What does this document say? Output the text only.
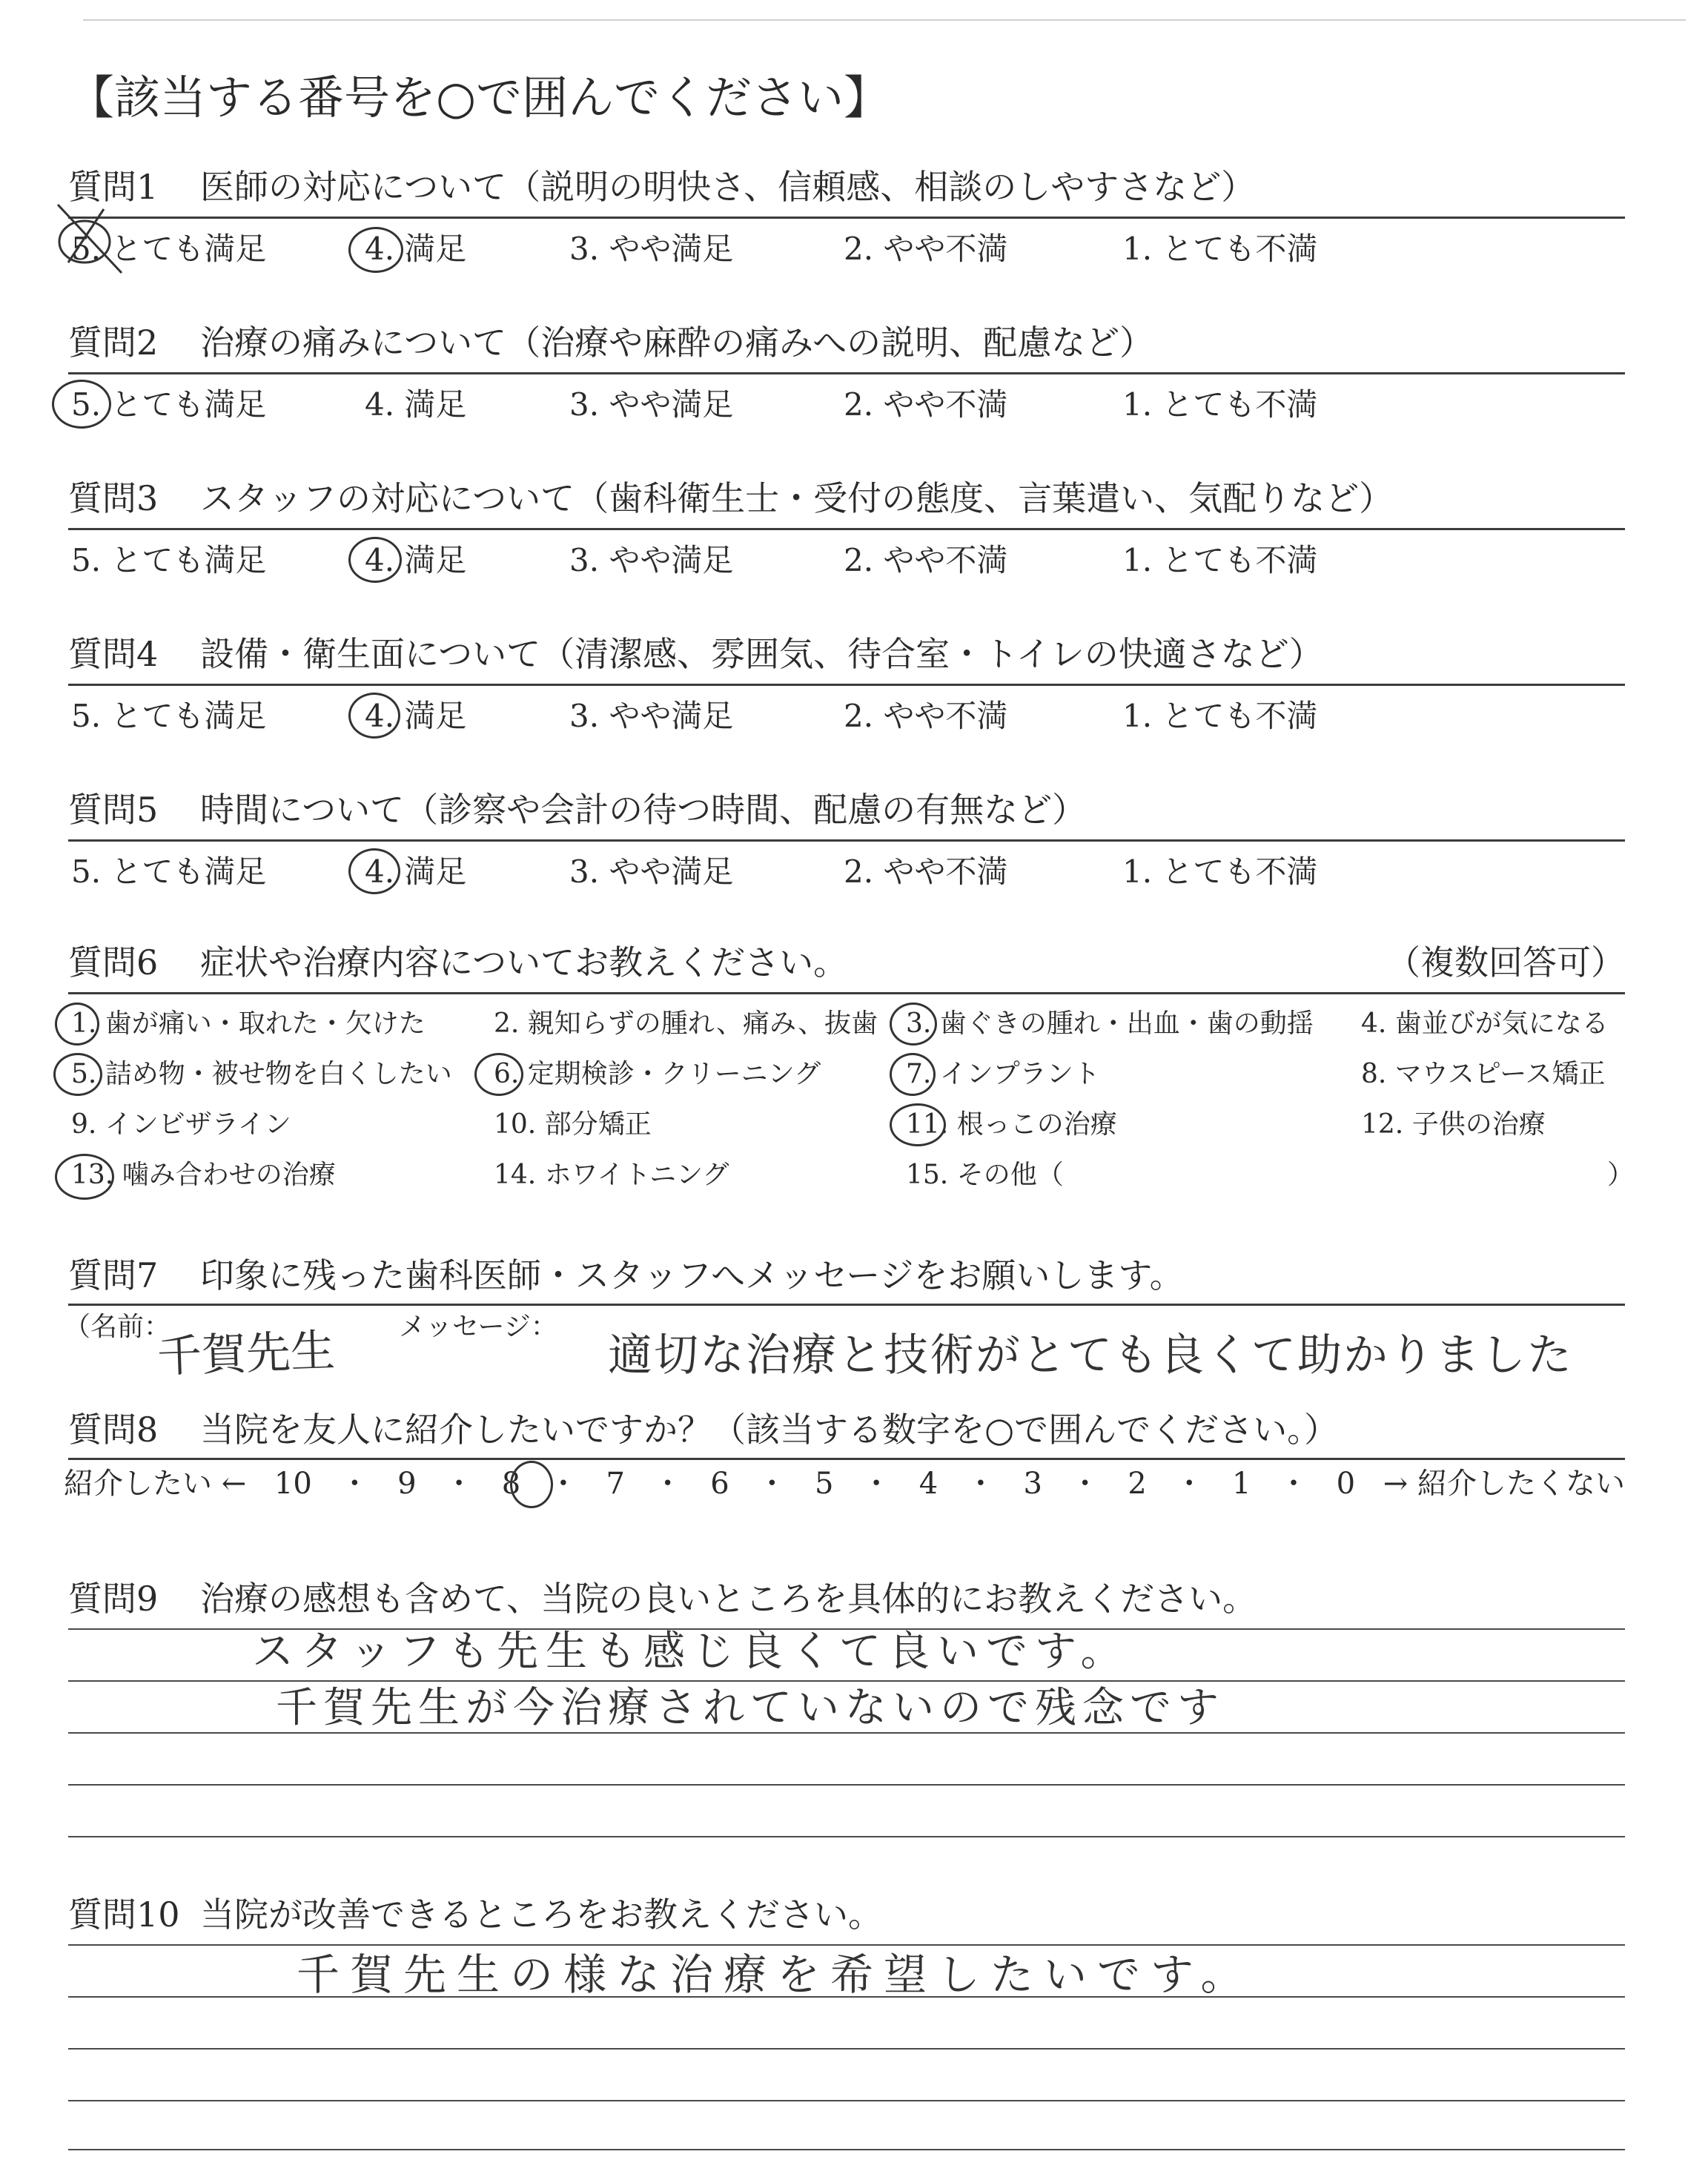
【該当する番号を○で囲んでください】
質問1 医師の対応について（説明の明快さ、信頼感、相談のしやすさなど）
5. とても満足	4. 満足	3. やや満足	2. やや不満	1. とても不満
質問2 治療の痛みについて（治療や麻酔の痛みへの説明、配慮など）
5. とても満足	4. 満足	3. やや満足	2. やや不満	1. とても不満
質問3 スタッフの対応について（歯科衛生士・受付の態度、言葉遣い、気配りなど）
5. とても満足	4. 満足	3. やや満足	2. やや不満	1. とても不満
質問4 設備・衛生面について（清潔感、雰囲気、待合室・トイレの快適さなど）
5. とても満足	4. 満足	3. やや満足	2. やや不満	1. とても不満
質問5 時間について（診察や会計の待つ時間、配慮の有無など）
5. とても満足	4. 満足	3. やや満足	2. やや不満	1. とても不満
質問6 症状や治療内容についてお教えください。	（複数回答可）
1. 歯が痛い・取れた・欠けた	2. 親知らずの腫れ、痛み、抜歯 3. 歯ぐきの腫れ・出血・歯の動揺 4. 歯並びが気になる
5. 詰め物・被せ物を白くしたい 6. 定期検診・クリーニング	7. インプラント	8. マウスピース矯正
9. インビザライン	10. 部分矯正	11. 根っこの治療	12. 子供の治療
13. 噛み合わせの治療	14. ホワイトニング	15. その他（	）
質問7 印象に残った歯科医師・スタッフへメッセージをお願いします。
（名前：	メッセージ：
千賀先生	適切な治療と技術がとても良くて助かりました
質問8 当院を友人に紹介したいですか？（該当する数字を○で囲んでください。）
紹介したい ← 10 ・ 9 ・ 8 ・ 7 ・ 6 ・ 5 ・ 4 ・ 3 ・ 2 ・ 1 ・ 0 → 紹介したくない
質問9 治療の感想も含めて、当院の良いところを具体的にお教えください。
スタッフも先生も感じ良くて良いです。
千賀先生が今治療されていないので残念です
質問10 当院が改善できるところをお教えください。
千賀先生の様な治療を希望したいです。
